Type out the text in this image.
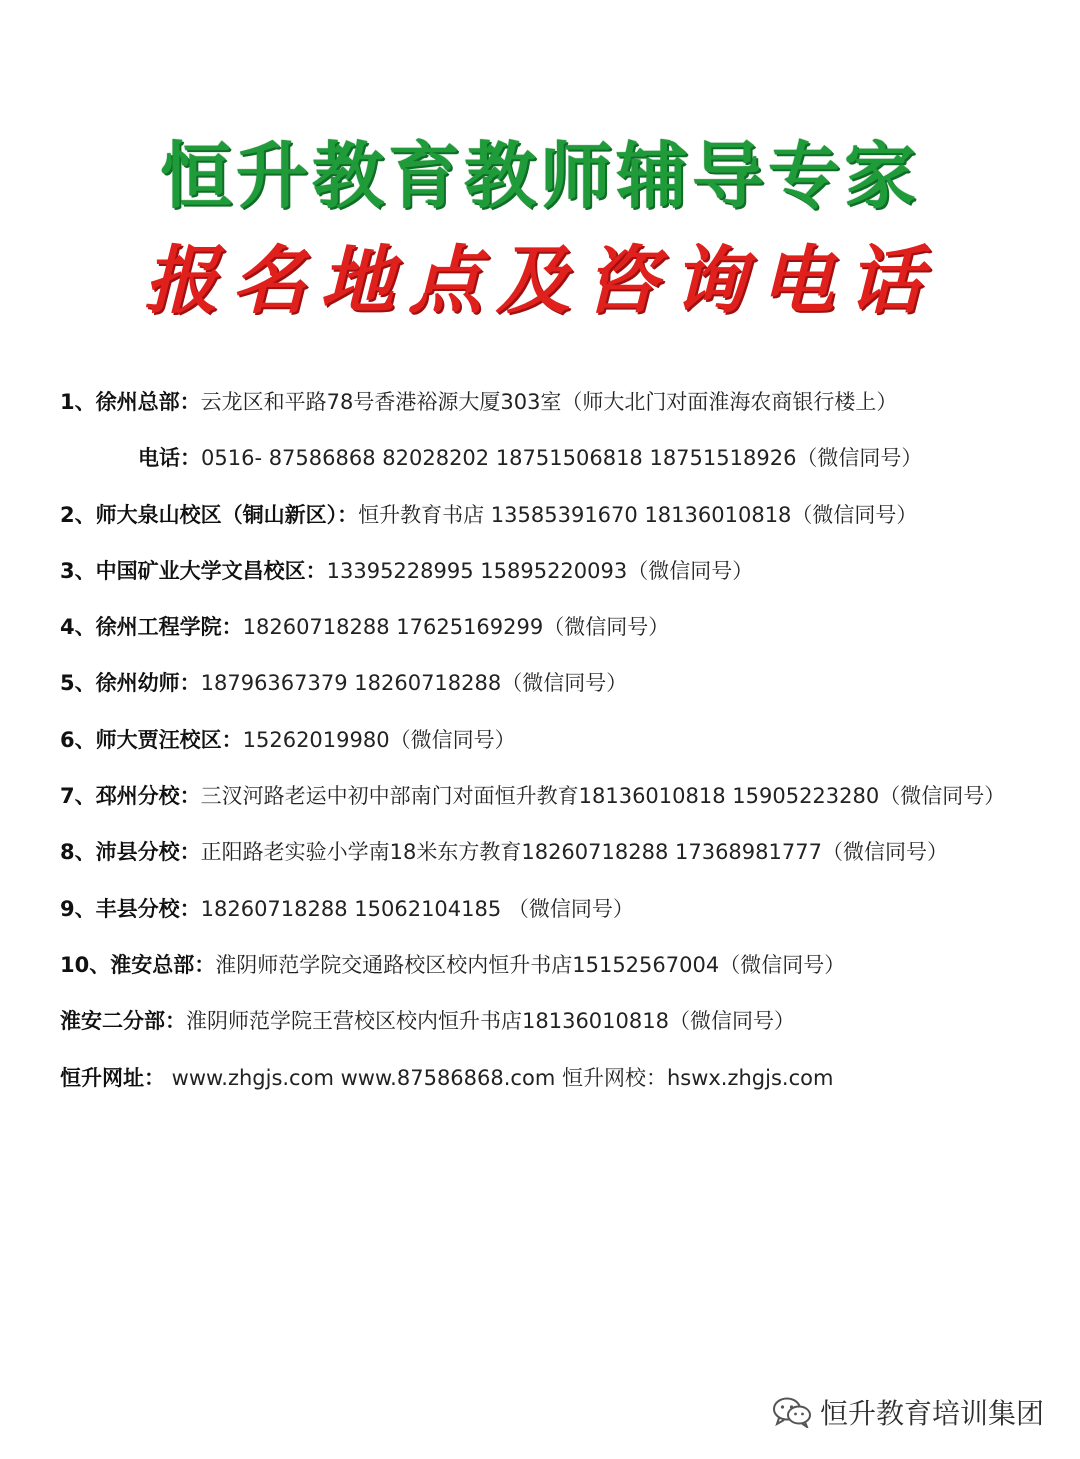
恒升教育教师辅导专家
报名地点及咨询电话
1、徐州总部：云龙区和平路78号香港裕源大厦303室（师大北门对面淮海农商银行楼上）
电话：0516- 87586868 82028202 18751506818 18751518926（微信同号）
2、师大泉山校区（铜山新区）：恒升教育书店 13585391670 18136010818（微信同号）
3、中国矿业大学文昌校区：13395228995 15895220093（微信同号）
4、徐州工程学院：18260718288 17625169299（微信同号）
5、徐州幼师：18796367379 18260718288（微信同号）
6、师大贾汪校区：15262019980（微信同号）
7、邳州分校：三汊河路老运中初中部南门对面恒升教育18136010818 15905223280（微信同号）
8、沛县分校：正阳路老实验小学南18米东方教育18260718288 17368981777（微信同号）
9、丰县分校：18260718288 15062104185 （微信同号）
10、淮安总部：淮阴师范学院交通路校区校内恒升书店15152567004（微信同号）
淮安二分部：淮阴师范学院王营校区校内恒升书店18136010818（微信同号）
恒升网址： www.zhgjs.com www.87586868.com 恒升网校：hswx.zhgjs.com
恒升教育培训集团
